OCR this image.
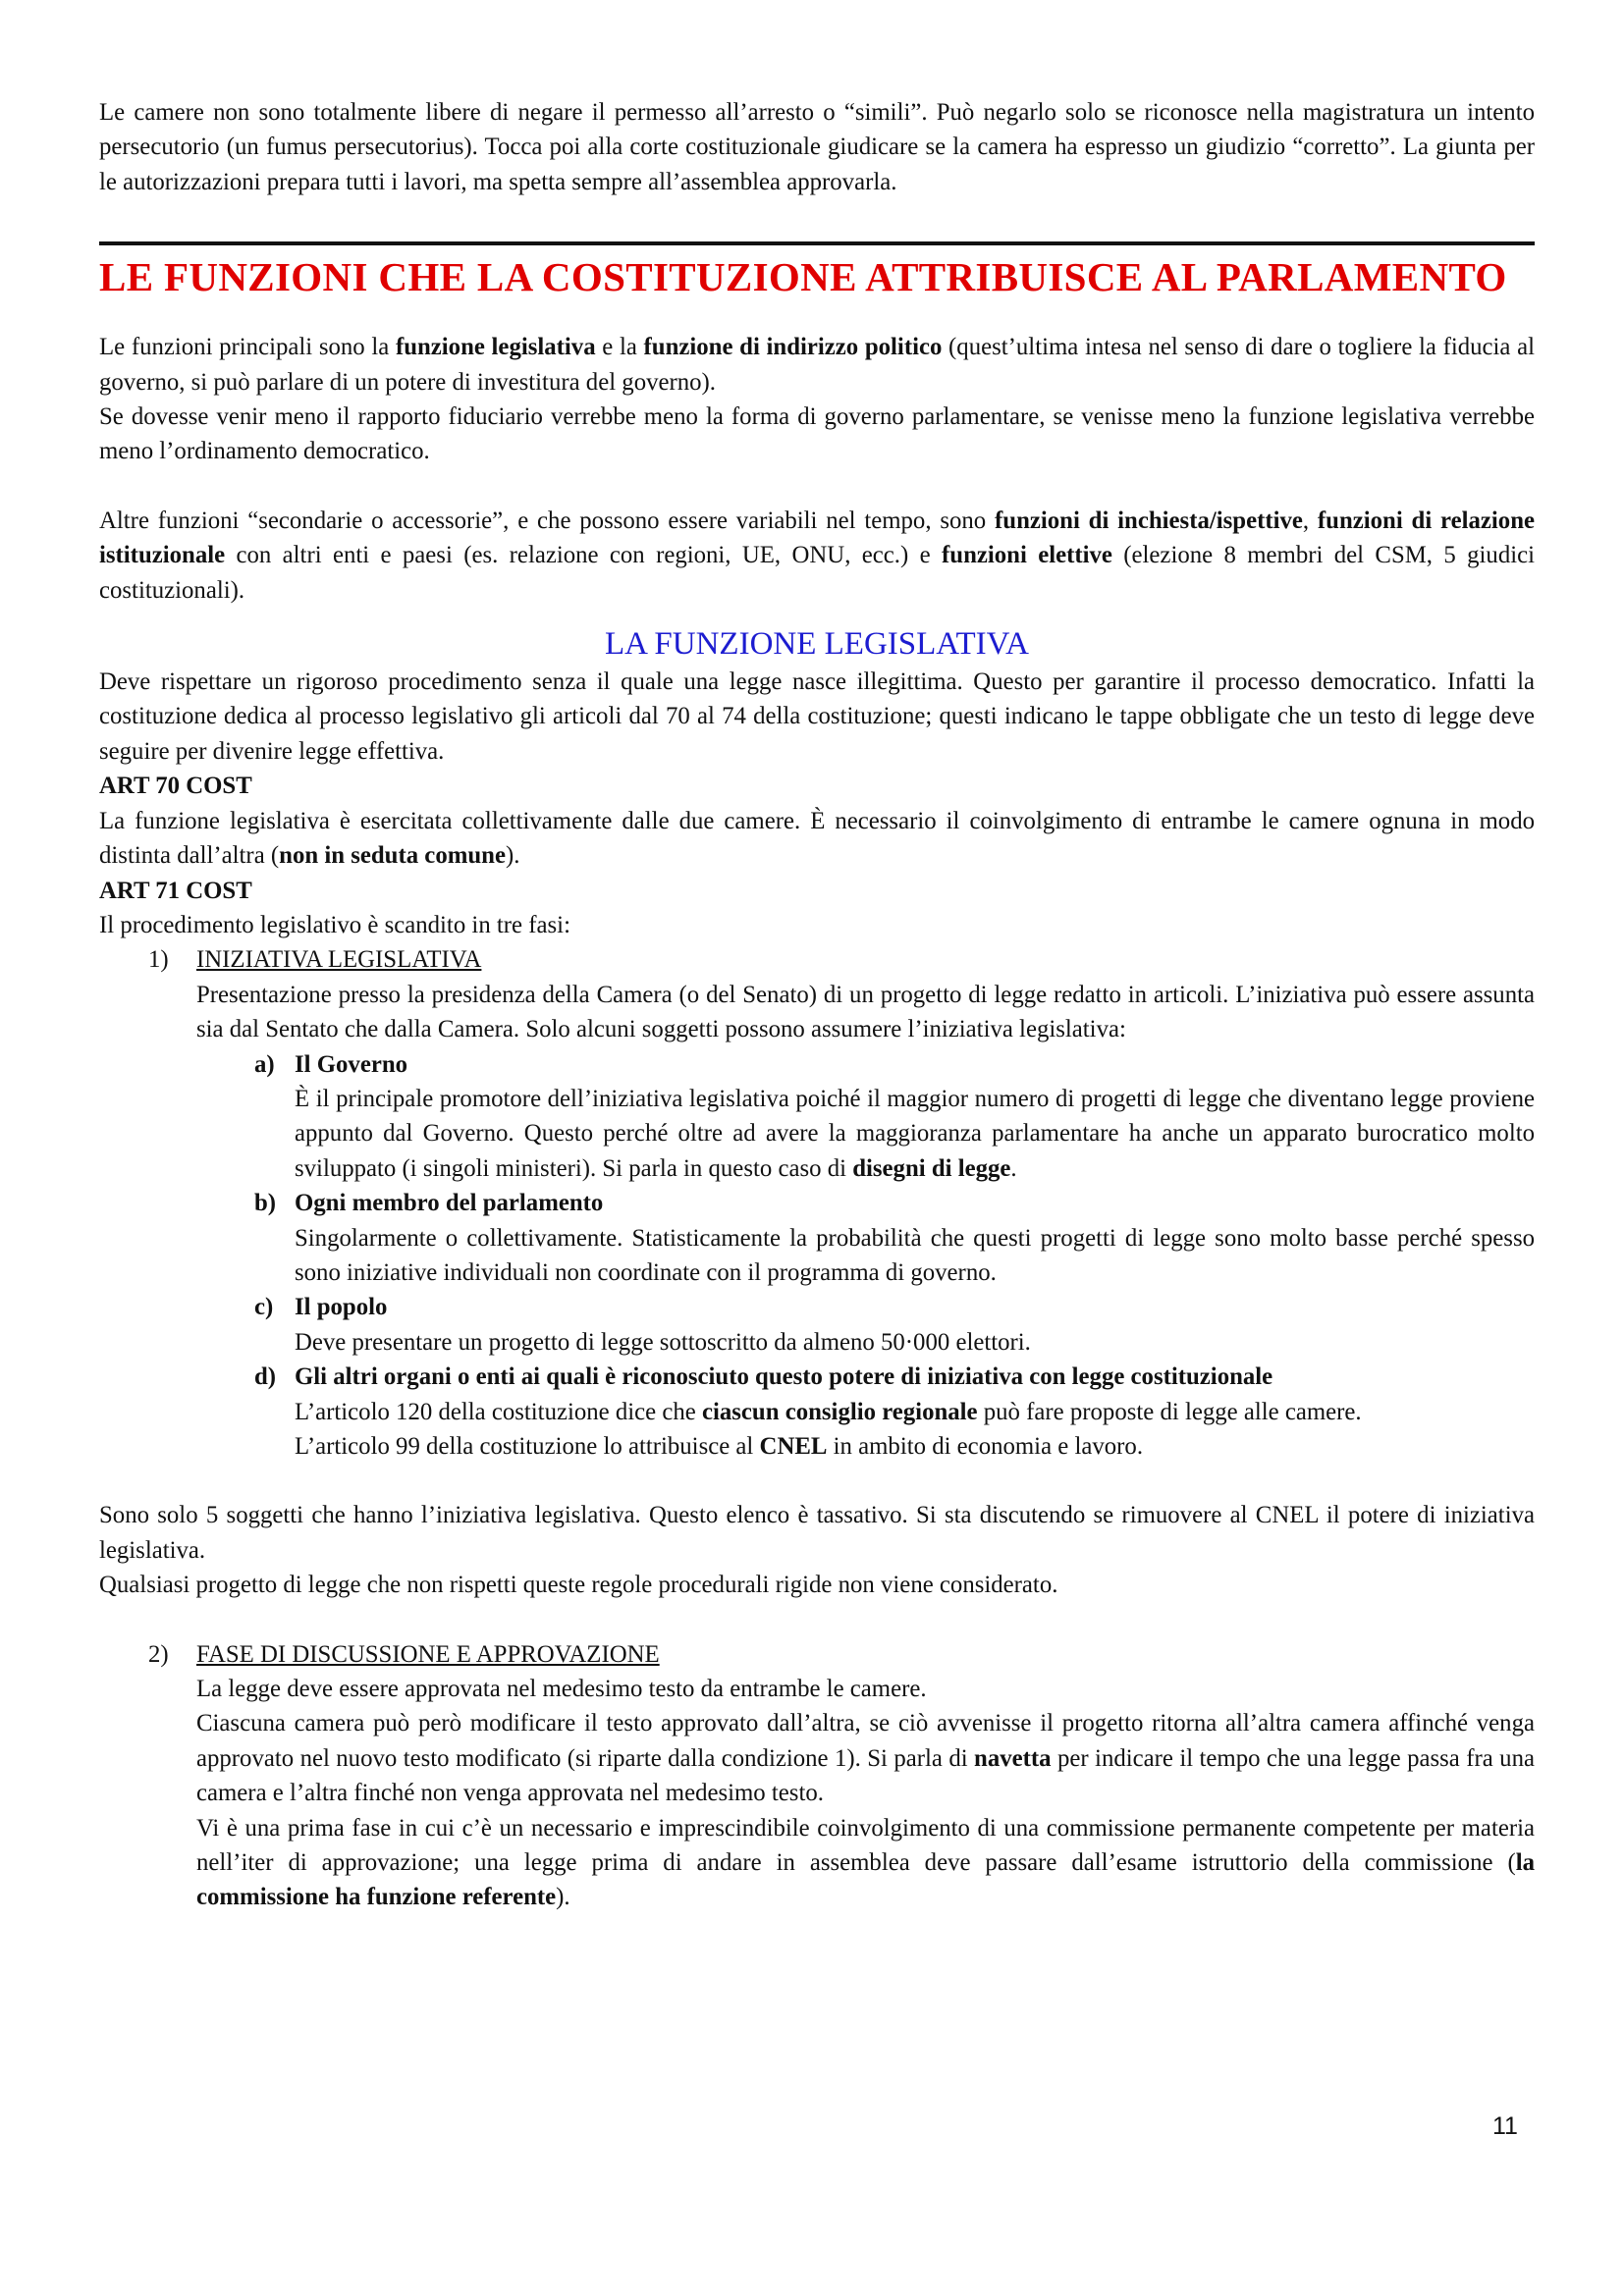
Le camere non sono totalmente libere di negare il permesso all’arresto o “simili”. Può negarlo solo se riconosce nella magistratura un intento persecutorio (un fumus persecutorius). Tocca poi alla corte costituzionale giudicare se la camera ha espresso un giudizio “corretto”. La giunta per le autorizzazioni prepara tutti i lavori, ma spetta sempre all’assemblea approvarla.

LE FUNZIONI CHE LA COSTITUZIONE ATTRIBUISCE AL PARLAMENTO

Le funzioni principali sono la funzione legislativa e la funzione di indirizzo politico (quest’ultima intesa nel senso di dare o togliere la fiducia al governo, si può parlare di un potere di investitura del governo).

Se dovesse venir meno il rapporto fiduciario verrebbe meno la forma di governo parlamentare, se venisse meno la funzione legislativa verrebbe meno l’ordinamento democratico.

Altre funzioni “secondarie o accessorie”, e che possono essere variabili nel tempo, sono funzioni di inchiesta/ispettive, funzioni di relazione istituzionale con altri enti e paesi (es. relazione con regioni, UE, ONU, ecc.) e funzioni elettive (elezione 8 membri del CSM, 5 giudici costituzionali).

LA FUNZIONE LEGISLATIVA

Deve rispettare un rigoroso procedimento senza il quale una legge nasce illegittima. Questo per garantire il processo democratico. Infatti la costituzione dedica al processo legislativo gli articoli dal 70 al 74 della costituzione; questi indicano le tappe obbligate che un testo di legge deve seguire per divenire legge effettiva.

ART 70 COST

La funzione legislativa è esercitata collettivamente dalle due camere. È necessario il coinvolgimento di entrambe le camere ognuna in modo distinta dall’altra (non in seduta comune).

ART 71 COST

Il procedimento legislativo è scandito in tre fasi:

1) INIZIATIVA LEGISLATIVA

Presentazione presso la presidenza della Camera (o del Senato) di un progetto di legge redatto in articoli. L’iniziativa può essere assunta sia dal Sentato che dalla Camera. Solo alcuni soggetti possono assumere l’iniziativa legislativa:

a) Il Governo

È il principale promotore dell’iniziativa legislativa poiché il maggior numero di progetti di legge che diventano legge proviene appunto dal Governo. Questo perché oltre ad avere la maggioranza parlamentare ha anche un apparato burocratico molto sviluppato (i singoli ministeri). Si parla in questo caso di disegni di legge.

b) Ogni membro del parlamento

Singolarmente o collettivamente. Statisticamente la probabilità che questi progetti di legge sono molto basse perché spesso sono iniziative individuali non coordinate con il programma di governo.

c) Il popolo

Deve presentare un progetto di legge sottoscritto da almeno 50·000 elettori.

d) Gli altri organi o enti ai quali è riconosciuto questo potere di iniziativa con legge costituzionale

L’articolo 120 della costituzione dice che ciascun consiglio regionale può fare proposte di legge alle camere.

L’articolo 99 della costituzione lo attribuisce al CNEL in ambito di economia e lavoro.

Sono solo 5 soggetti che hanno l’iniziativa legislativa. Questo elenco è tassativo. Si sta discutendo se rimuovere al CNEL il potere di iniziativa legislativa.

Qualsiasi progetto di legge che non rispetti queste regole procedurali rigide non viene considerato.

2) FASE DI DISCUSSIONE E APPROVAZIONE

La legge deve essere approvata nel medesimo testo da entrambe le camere.

Ciascuna camera può però modificare il testo approvato dall’altra, se ciò avvenisse il progetto ritorna all’altra camera affinché venga approvato nel nuovo testo modificato (si riparte dalla condizione 1). Si parla di navetta per indicare il tempo che una legge passa fra una camera e l’altra finché non venga approvata nel medesimo testo.

Vi è una prima fase in cui c’è un necessario e imprescindibile coinvolgimento di una commissione permanente competente per materia nell’iter di approvazione; una legge prima di andare in assemblea deve passare dall’esame istruttorio della commissione (la commissione ha funzione referente).

11
